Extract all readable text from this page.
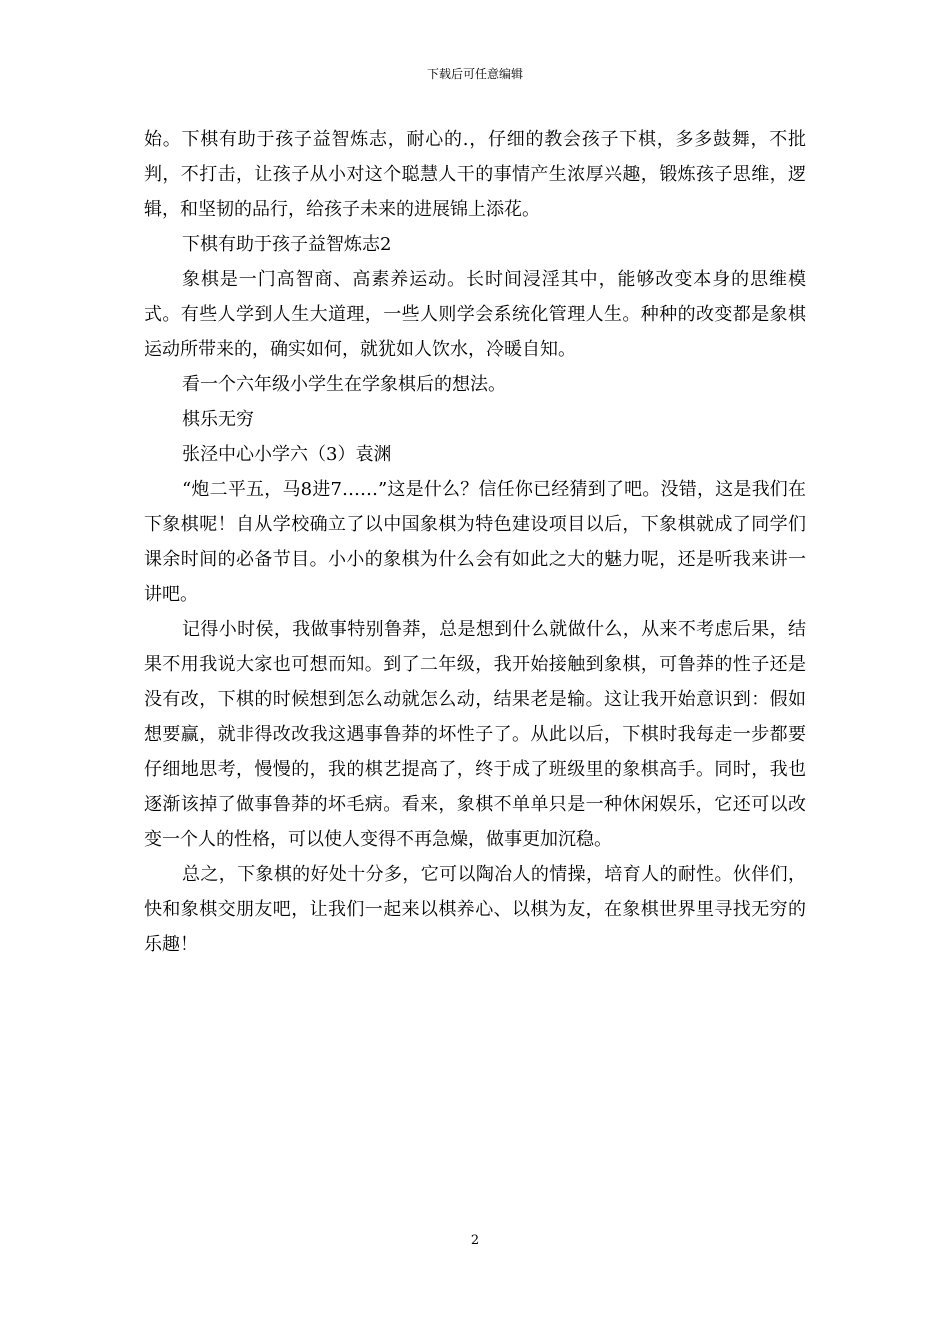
下载后可任意编辑

始。下棋有助于孩子益智炼志，耐心的.，仔细的教会孩子下棋，多多鼓舞，不批判，不打击，让孩子从小对这个聪慧人干的事情产生浓厚兴趣，锻炼孩子思维，逻辑，和坚韧的品行，给孩子未来的进展锦上添花。

下棋有助于孩子益智炼志2

象棋是一门高智商、高素养运动。长时间浸淫其中，能够改变本身的思维模式。有些人学到人生大道理，一些人则学会系统化管理人生。种种的改变都是象棋运动所带来的，确实如何，就犹如人饮水，冷暖自知。

看一个六年级小学生在学象棋后的想法。

棋乐无穷

张泾中心小学六（3）袁渊

“炮二平五，马8进7……”这是什么？信任你已经猜到了吧。没错，这是我们在下象棋呢！自从学校确立了以中国象棋为特色建设项目以后，下象棋就成了同学们课余时间的必备节目。小小的象棋为什么会有如此之大的魅力呢，还是听我来讲一讲吧。

记得小时侯，我做事特别鲁莽，总是想到什么就做什么，从来不考虑后果，结果不用我说大家也可想而知。到了二年级，我开始接触到象棋，可鲁莽的性子还是没有改，下棋的时候想到怎么动就怎么动，结果老是输。这让我开始意识到：假如想要赢，就非得改改我这遇事鲁莽的坏性子了。从此以后，下棋时我每走一步都要仔细地思考，慢慢的，我的棋艺提高了，终于成了班级里的象棋高手。同时，我也逐渐该掉了做事鲁莽的坏毛病。看来，象棋不单单只是一种休闲娱乐，它还可以改变一个人的性格，可以使人变得不再急燥，做事更加沉稳。

总之，下象棋的好处十分多，它可以陶冶人的情操，培育人的耐性。伙伴们，快和象棋交朋友吧，让我们一起来以棋养心、以棋为友，在象棋世界里寻找无穷的乐趣！

2
